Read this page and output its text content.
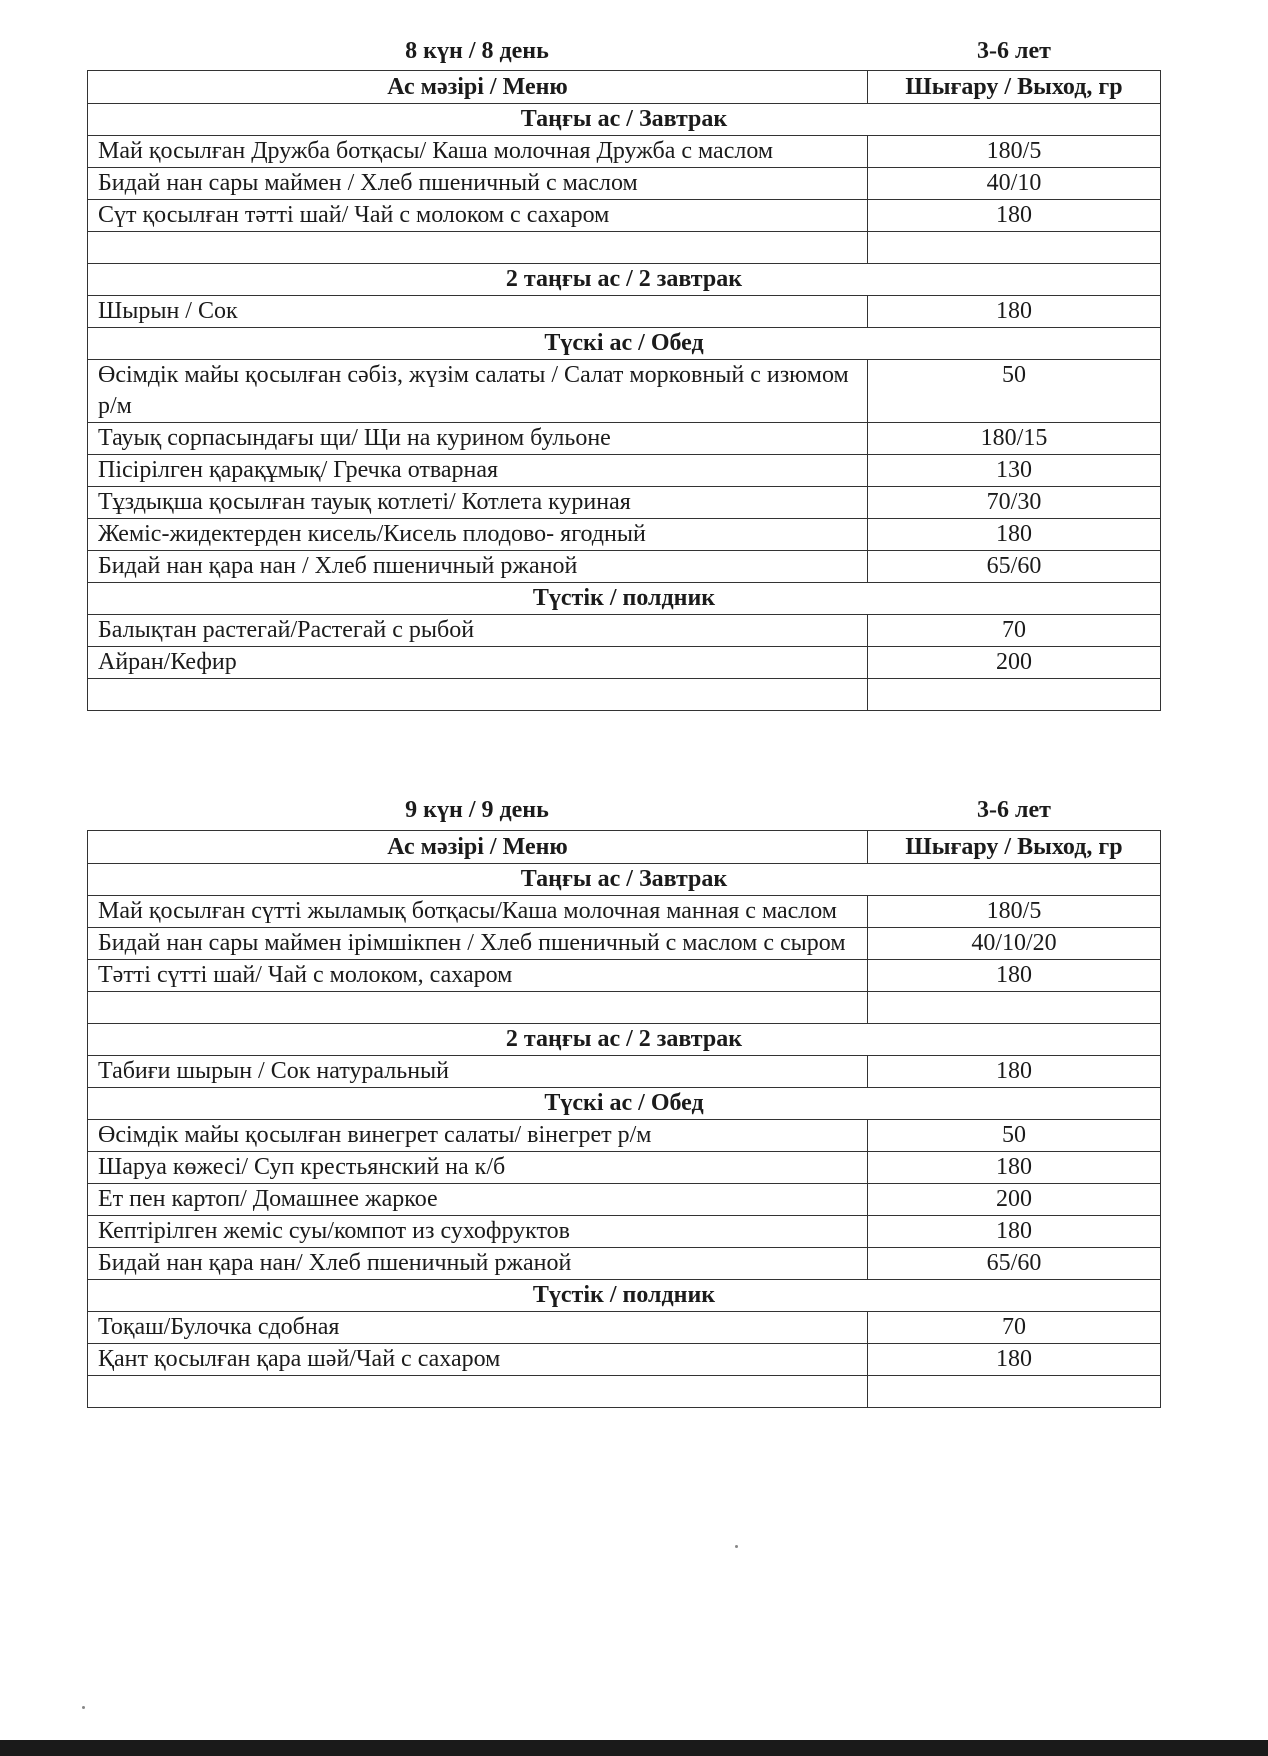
8 күн / 8 день	3-6 лет
Ас мәзірі / Меню	Шығару / Выход, гр
Таңғы ас / Завтрак	
Май қосылған Дружба ботқасы/ Каша молочная Дружба с маслом	180/5
Бидай нан сары маймен / Хлеб пшеничный с маслом	40/10
Сүт қосылған тәтті шай/ Чай с молоком с сахаром	180

2 таңғы ас / 2 завтрак	
Шырын / Сок	180
Түскі ас / Обед	
Өсімдік майы қосылған сәбіз, жүзім салаты / Салат морковный с изюмом р/м	50
Тауық сорпасындағы щи/ Щи на курином бульоне	180/15
Пісірілген қарақұмық/ Гречка отварная	130
Тұздықша қосылған тауық котлеті/ Котлета куриная	70/30
Жеміс-жидектерден кисель/Кисель плодово- ягодный	180
Бидай нан қара нан / Хлеб пшеничный ржаной	65/60
Түстік / полдник	
Балықтан растегай/Растегай с рыбой	70
Айран/Кефир	200

9 күн / 9 день	3-6 лет
Ас мәзірі / Меню	Шығару / Выход, гр
Таңғы ас / Завтрак	
Май қосылған сүтті жыламық ботқасы/Каша молочная манная с маслом	180/5
Бидай нан сары маймен ірімшікпен / Хлеб пшеничный с маслом с сыром	40/10/20
Тәтті сүтті шай/ Чай с молоком, сахаром	180

2 таңғы ас / 2 завтрак	
Табиғи шырын / Сок натуральный	180
Түскі ас / Обед	
Өсімдік майы қосылған винегрет салаты/ вінегрет р/м	50
Шаруа көжесі/ Суп крестьянский на к/б	180
Ет пен картоп/ Домашнее жаркое	200
Кептірілген жеміс суы/компот из сухофруктов	180
Бидай нан қара нан/ Хлеб пшеничный ржаной	65/60
Түстік / полдник	
Тоқаш/Булочка сдобная	70
Қант қосылған қара шәй/Чай с сахаром	180
